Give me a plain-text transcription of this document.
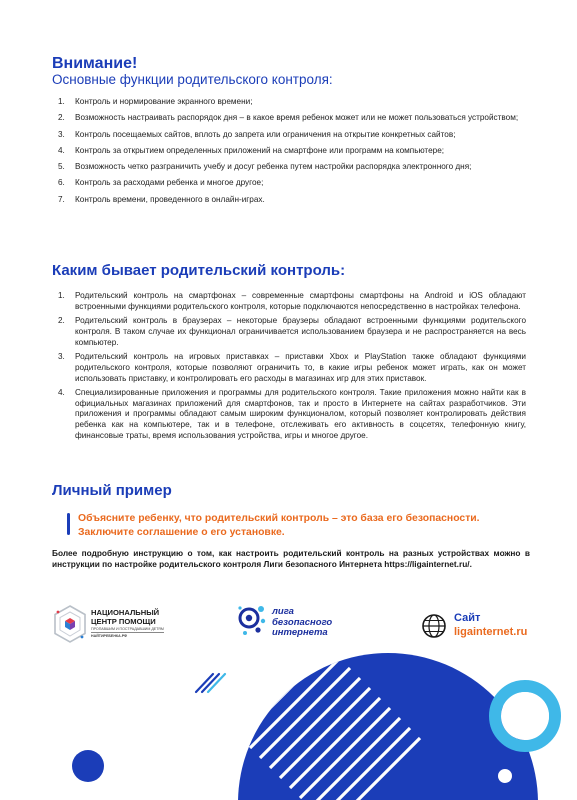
Внимание!
Основные функции родительского контроля:
1. Контроль и нормирование экранного времени;
2. Возможность настраивать распорядок дня – в какое время ребенок может или не может пользоваться устройством;
3. Контроль посещаемых сайтов, вплоть до запрета или ограничения на открытие конкретных сайтов;
4. Контроль за открытием определенных приложений на смартфоне или программ на компьютере;
5. Возможность четко разграничить учебу и досуг ребенка путем настройки распорядка электронного дня;
6. Контроль за расходами ребенка и многое другое;
7. Контроль времени, проведенного в онлайн-играх.
Каким бывает родительский контроль:
1. Родительский контроль на смартфонах – современные смартфоны смартфоны на Android и iOS обладают встроенными функциями родительского контроля, которые подключаются непосредственно в настройках телефона.
2. Родительский контроль в браузерах – некоторые браузеры обладают встроенными функциями родительского контроля. В таком случае их функционал ограничивается использованием браузера и не распространяется на весь компьютер.
3. Родительский контроль на игровых приставках – приставки Xbox и PlayStation также обладают функциями родительского контроля, которые позволяют ограничить то, в какие игры ребенок может играть, как он может использовать приставку, и контролировать его расходы в магазинах игр для этих приставок.
4. Специализированные приложения и программы для родительского контроля. Такие приложения можно найти как в официальных магазинах приложений для смартфонов, так и просто в Интернете на сайтах разработчиков. Эти приложения и программы обладают самым широким функционалом, который позволяет контролировать действия ребенка как на компьютере, так и в телефоне, отслеживать его активность в соцсетях, телефонную книгу, финансовые траты, время использования устройства, игры и многое другое.
Личный пример
Объясните ребенку, что родительский контроль – это база его безопасности. Заключите соглашение о его установке.
Более подробную инструкцию о том, как настроить родительский контроль на разных устройствах можно в инструкции по настройке родительского контроля Лиги безопасного Интернета https://ligainternet.ru/.
НАЦИОНАЛЬНЫЙ
ЦЕНТР ПОМОЩИ
ПРОПАВШИМ И ПОСТРАДАВШИМ ДЕТЯМ
НАЙТИРЕБЕНКА.РФ
лига
безопасного
интернета
Сайт
ligainternet.ru
